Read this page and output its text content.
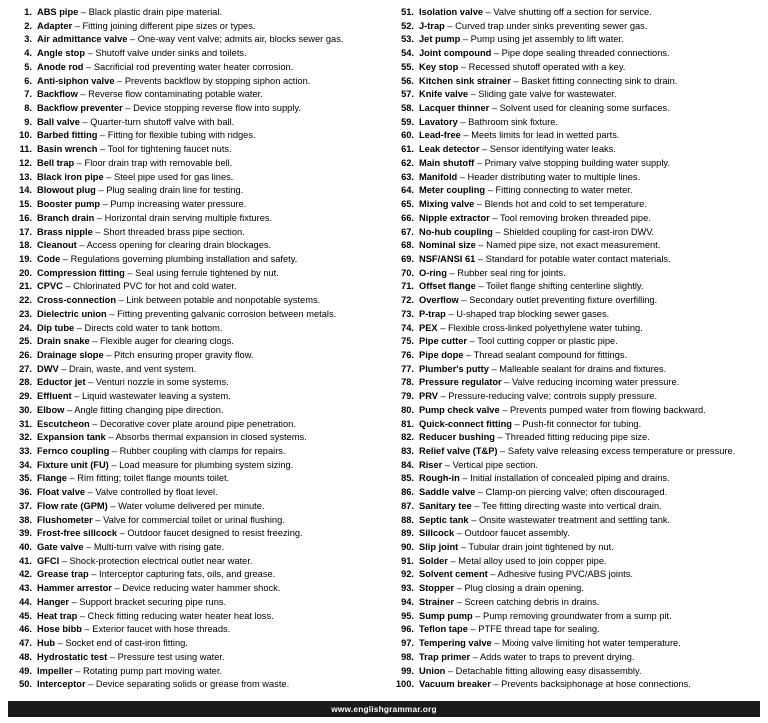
1. ABS pipe – Black plastic drain pipe material.
2. Adapter – Fitting joining different pipe sizes or types.
3. Air admittance valve – One-way vent valve; admits air, blocks sewer gas.
4. Angle stop – Shutoff valve under sinks and toilets.
5. Anode rod – Sacrificial rod preventing water heater corrosion.
6. Anti-siphon valve – Prevents backflow by stopping siphon action.
7. Backflow – Reverse flow contaminating potable water.
8. Backflow preventer – Device stopping reverse flow into supply.
9. Ball valve – Quarter-turn shutoff valve with ball.
10. Barbed fitting – Fitting for flexible tubing with ridges.
11. Basin wrench – Tool for tightening faucet nuts.
12. Bell trap – Floor drain trap with removable bell.
13. Black iron pipe – Steel pipe used for gas lines.
14. Blowout plug – Plug sealing drain line for testing.
15. Booster pump – Pump increasing water pressure.
16. Branch drain – Horizontal drain serving multiple fixtures.
17. Brass nipple – Short threaded brass pipe section.
18. Cleanout – Access opening for clearing drain blockages.
19. Code – Regulations governing plumbing installation and safety.
20. Compression fitting – Seal using ferrule tightened by nut.
21. CPVC – Chlorinated PVC for hot and cold water.
22. Cross-connection – Link between potable and nonpotable systems.
23. Dielectric union – Fitting preventing galvanic corrosion between metals.
24. Dip tube – Directs cold water to tank bottom.
25. Drain snake – Flexible auger for clearing clogs.
26. Drainage slope – Pitch ensuring proper gravity flow.
27. DWV – Drain, waste, and vent system.
28. Eductor jet – Venturi nozzle in some systems.
29. Effluent – Liquid wastewater leaving a system.
30. Elbow – Angle fitting changing pipe direction.
31. Escutcheon – Decorative cover plate around pipe penetration.
32. Expansion tank – Absorbs thermal expansion in closed systems.
33. Fernco coupling – Rubber coupling with clamps for repairs.
34. Fixture unit (FU) – Load measure for plumbing system sizing.
35. Flange – Rim fitting; toilet flange mounts toilet.
36. Float valve – Valve controlled by float level.
37. Flow rate (GPM) – Water volume delivered per minute.
38. Flushometer – Valve for commercial toilet or urinal flushing.
39. Frost-free sillcock – Outdoor faucet designed to resist freezing.
40. Gate valve – Multi-turn valve with rising gate.
41. GFCI – Shock-protection electrical outlet near water.
42. Grease trap – Interceptor capturing fats, oils, and grease.
43. Hammer arrestor – Device reducing water hammer shock.
44. Hanger – Support bracket securing pipe runs.
45. Heat trap – Check fitting reducing water heater heat loss.
46. Hose bibb – Exterior faucet with hose threads.
47. Hub – Socket end of cast-iron fitting.
48. Hydrostatic test – Pressure test using water.
49. Impeller – Rotating pump part moving water.
50. Interceptor – Device separating solids or grease from waste.
51. Isolation valve – Valve shutting off a section for service.
52. J-trap – Curved trap under sinks preventing sewer gas.
53. Jet pump – Pump using jet assembly to lift water.
54. Joint compound – Pipe dope sealing threaded connections.
55. Key stop – Recessed shutoff operated with a key.
56. Kitchen sink strainer – Basket fitting connecting sink to drain.
57. Knife valve – Sliding gate valve for wastewater.
58. Lacquer thinner – Solvent used for cleaning some surfaces.
59. Lavatory – Bathroom sink fixture.
60. Lead-free – Meets limits for lead in wetted parts.
61. Leak detector – Sensor identifying water leaks.
62. Main shutoff – Primary valve stopping building water supply.
63. Manifold – Header distributing water to multiple lines.
64. Meter coupling – Fitting connecting to water meter.
65. Mixing valve – Blends hot and cold to set temperature.
66. Nipple extractor – Tool removing broken threaded pipe.
67. No-hub coupling – Shielded coupling for cast-iron DWV.
68. Nominal size – Named pipe size, not exact measurement.
69. NSF/ANSI 61 – Standard for potable water contact materials.
70. O-ring – Rubber seal ring for joints.
71. Offset flange – Toilet flange shifting centerline slightly.
72. Overflow – Secondary outlet preventing fixture overfilling.
73. P-trap – U-shaped trap blocking sewer gases.
74. PEX – Flexible cross-linked polyethylene water tubing.
75. Pipe cutter – Tool cutting copper or plastic pipe.
76. Pipe dope – Thread sealant compound for fittings.
77. Plumber's putty – Malleable sealant for drains and fixtures.
78. Pressure regulator – Valve reducing incoming water pressure.
79. PRV – Pressure-reducing valve; controls supply pressure.
80. Pump check valve – Prevents pumped water from flowing backward.
81. Quick-connect fitting – Push-fit connector for tubing.
82. Reducer bushing – Threaded fitting reducing pipe size.
83. Relief valve (T&P) – Safety valve releasing excess temperature or pressure.
84. Riser – Vertical pipe section.
85. Rough-in – Initial installation of concealed piping and drains.
86. Saddle valve – Clamp-on piercing valve; often discouraged.
87. Sanitary tee – Tee fitting directing waste into vertical drain.
88. Septic tank – Onsite wastewater treatment and settling tank.
89. Sillcock – Outdoor faucet assembly.
90. Slip joint – Tubular drain joint tightened by nut.
91. Solder – Metal alloy used to join copper pipe.
92. Solvent cement – Adhesive fusing PVC/ABS joints.
93. Stopper – Plug closing a drain opening.
94. Strainer – Screen catching debris in drains.
95. Sump pump – Pump removing groundwater from a sump pit.
96. Teflon tape – PTFE thread tape for sealing.
97. Tempering valve – Mixing valve limiting hot water temperature.
98. Trap primer – Adds water to traps to prevent drying.
99. Union – Detachable fitting allowing easy disassembly.
100. Vacuum breaker – Prevents backsiphonage at hose connections.
www.englishgrammar.org
